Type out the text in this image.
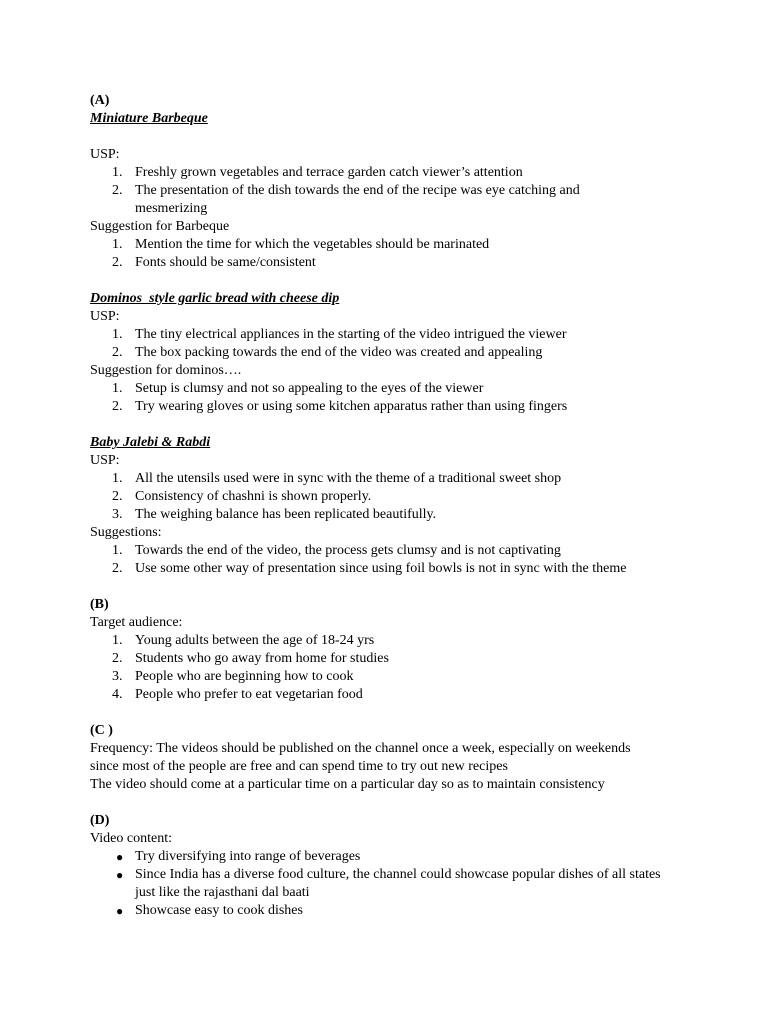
(A)
Miniature Barbeque
USP:
1. Freshly grown vegetables and terrace garden catch viewer’s attention
2. The presentation of the dish towards the end of the recipe was eye catching and mesmerizing
Suggestion for Barbeque
1. Mention the time for which the vegetables should be marinated
2. Fonts should be same/consistent
Dominos  style garlic bread with cheese dip
USP:
1. The tiny electrical appliances in the starting of the video intrigued the viewer
2. The box packing towards the end of the video was created and appealing
Suggestion for dominos….
1. Setup is clumsy and not so appealing to the eyes of the viewer
2. Try wearing gloves or using some kitchen apparatus rather than using fingers
Baby Jalebi & Rabdi
USP:
1. All the utensils used were in sync with the theme of a traditional sweet shop
2. Consistency of chashni is shown properly.
3. The weighing balance has been replicated beautifully.
Suggestions:
1. Towards the end of the video, the process gets clumsy and is not captivating
2. Use some other way of presentation since using foil bowls is not in sync with the theme
(B)
Target audience:
1. Young adults between the age of 18-24 yrs
2. Students who go away from home for studies
3. People who are beginning how to cook
4. People who prefer to eat vegetarian food
(C )
Frequency: The videos should be published on the channel once a week, especially on weekends
since most of the people are free and can spend time to try out new recipes
The video should come at a particular time on a particular day so as to maintain consistency
(D)
Video content:
● Try diversifying into range of beverages
● Since India has a diverse food culture, the channel could showcase popular dishes of all states just like the rajasthani dal baati
● Showcase easy to cook dishes
